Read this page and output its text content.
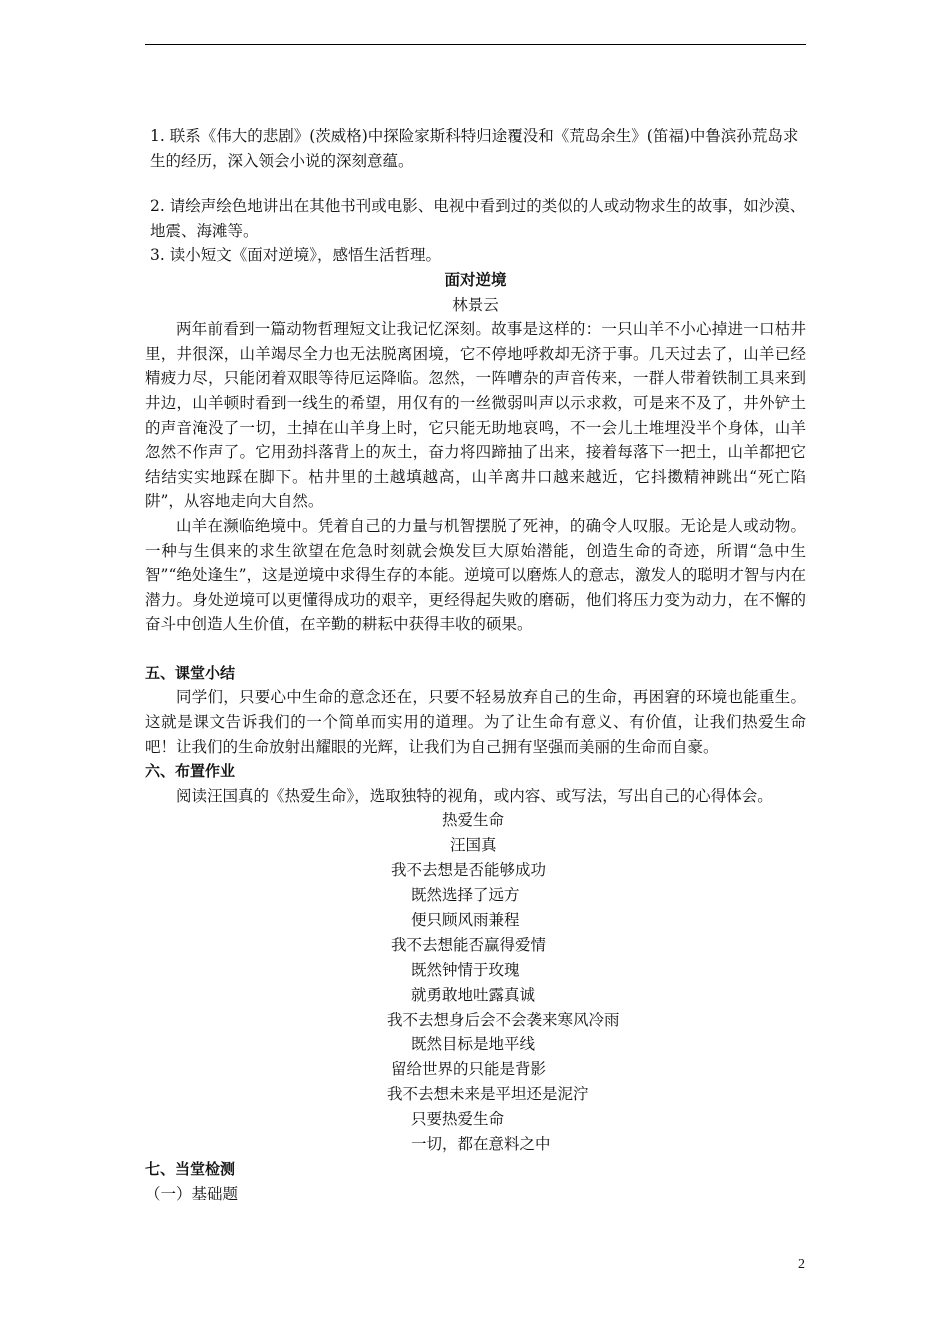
1. 联系《伟大的悲剧》(茨威格)中探险家斯科特归途覆没和《荒岛余生》(笛福)中鲁滨孙荒岛求生的经历，深入领会小说的深刻意蕴。

2. 请绘声绘色地讲出在其他书刊或电影、电视中看到过的类似的人或动物求生的故事，如沙漠、地震、海滩等。

3. 读小短文《面对逆境》，感悟生活哲理。

面对逆境

林景云

两年前看到一篇动物哲理短文让我记忆深刻。故事是这样的：一只山羊不小心掉进一口枯井里，井很深，山羊竭尽全力也无法脱离困境，它不停地呼救却无济于事。几天过去了，山羊已经精疲力尽，只能闭着双眼等待厄运降临。忽然，一阵嘈杂的声音传来，一群人带着铁制工具来到井边，山羊顿时看到一线生的希望，用仅有的一丝微弱叫声以示求救，可是来不及了，井外铲土的声音淹没了一切，土掉在山羊身上时，它只能无助地哀鸣，不一会儿土堆埋没半个身体，山羊忽然不作声了。它用劲抖落背上的灰土，奋力将四蹄抽了出来，接着每落下一把土，山羊都把它结结实实地踩在脚下。枯井里的土越填越高，山羊离井口越来越近，它抖擞精神跳出“死亡陷阱”，从容地走向大自然。

山羊在濒临绝境中。凭着自己的力量与机智摆脱了死神，的确令人叹服。无论是人或动物。一种与生俱来的求生欲望在危急时刻就会焕发巨大原始潜能，创造生命的奇迹，所谓“急中生智”“绝处逢生”，这是逆境中求得生存的本能。逆境可以磨炼人的意志，激发人的聪明才智与内在潜力。身处逆境可以更懂得成功的艰辛，更经得起失败的磨砺，他们将压力变为动力，在不懈的奋斗中创造人生价值，在辛勤的耕耘中获得丰收的硕果。

五、课堂小结

同学们，只要心中生命的意念还在，只要不轻易放弃自己的生命，再困窘的环境也能重生。这就是课文告诉我们的一个简单而实用的道理。为了让生命有意义、有价值，让我们热爱生命吧！让我们的生命放射出耀眼的光辉，让我们为自己拥有坚强而美丽的生命而自豪。

六、布置作业

阅读汪国真的《热爱生命》，选取独特的视角，或内容、或写法，写出自己的心得体会。

热爱生命
汪国真
我不去想是否能够成功
既然选择了远方
便只顾风雨兼程
我不去想能否赢得爱情
既然钟情于玫瑰
就勇敢地吐露真诚
我不去想身后会不会袭来寒风冷雨
既然目标是地平线
留给世界的只能是背影
我不去想未来是平坦还是泥泞
只要热爱生命
一切，都在意料之中

七、当堂检测

（一）基础题

2
